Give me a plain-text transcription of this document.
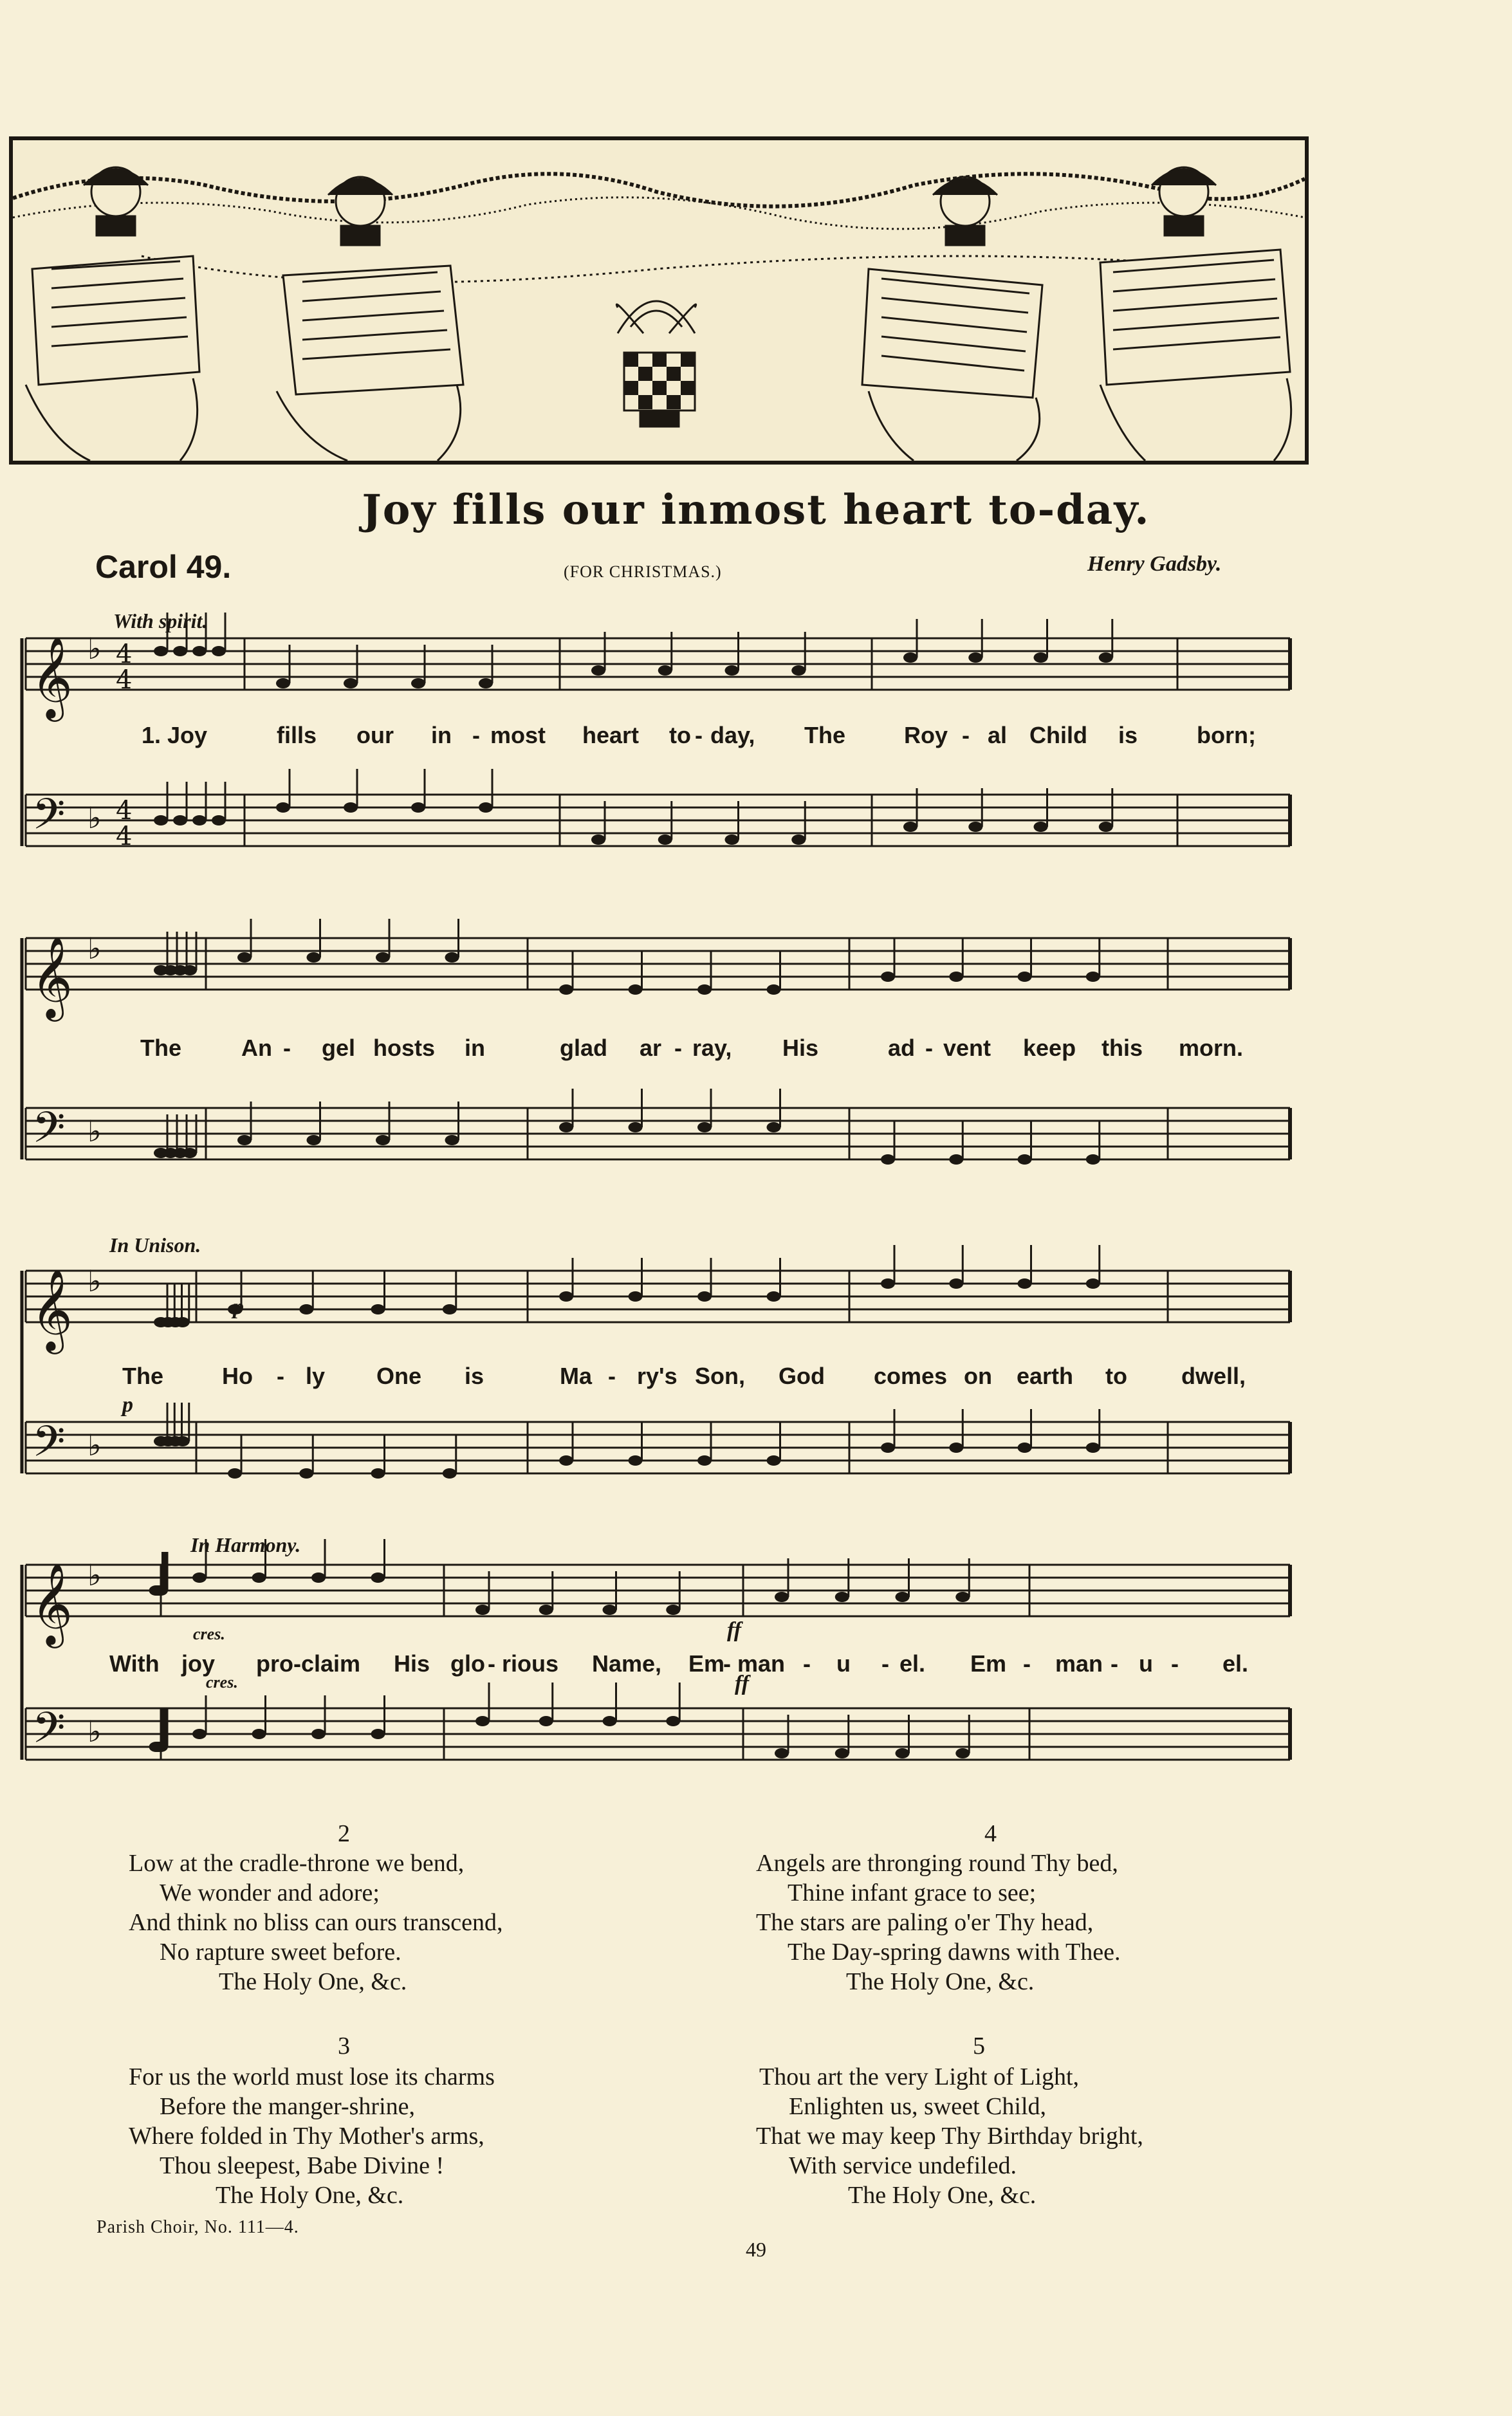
Joy fills our inmost heart to-day.
Carol 49.	(FOR CHRISTMAS.)	Henry Gadsby.
𝄞 ♭
𝄢 ♭
4
4
4
4
𝄞 ♭
𝄢 ♭
𝄞 ♭
𝄢 ♭
𝄞 ♭
𝄢 ♭
With spirit.
In Unison.
In Harmony.
p
p
cres.	ff
cres.	ff
1. Joy	fills our in - most heart to - day, The	Roy - al Child is	born;
The	An - gel hosts in	glad ar - ray, His	ad - vent keep this morn.
The	Ho - ly One is	Ma - ry's Son, God comes on earth to dwell,
With joy pro-claim His glo - rious Name, Em
- man - u - el. Em - man - u - el.
2
Low at the cradle-throne we bend,
We wonder and adore;
And think no bliss can ours transcend,
No rapture sweet before.
The Holy One, &c.
3
For us the world must lose its charms
Before the manger-shrine,
Where folded in Thy Mother's arms,
Thou sleepest, Babe Divine !
The Holy One, &c.
4
Angels are thronging round Thy bed,
Thine infant grace to see;
The stars are paling o'er Thy head,
The Day-spring dawns with Thee.
The Holy One, &c.
5
Thou art the very Light of Light,
Enlighten us, sweet Child,
That we may keep Thy Birthday bright,
With service undefiled.
The Holy One, &c.
Parish Choir, No. 111—4.
49
